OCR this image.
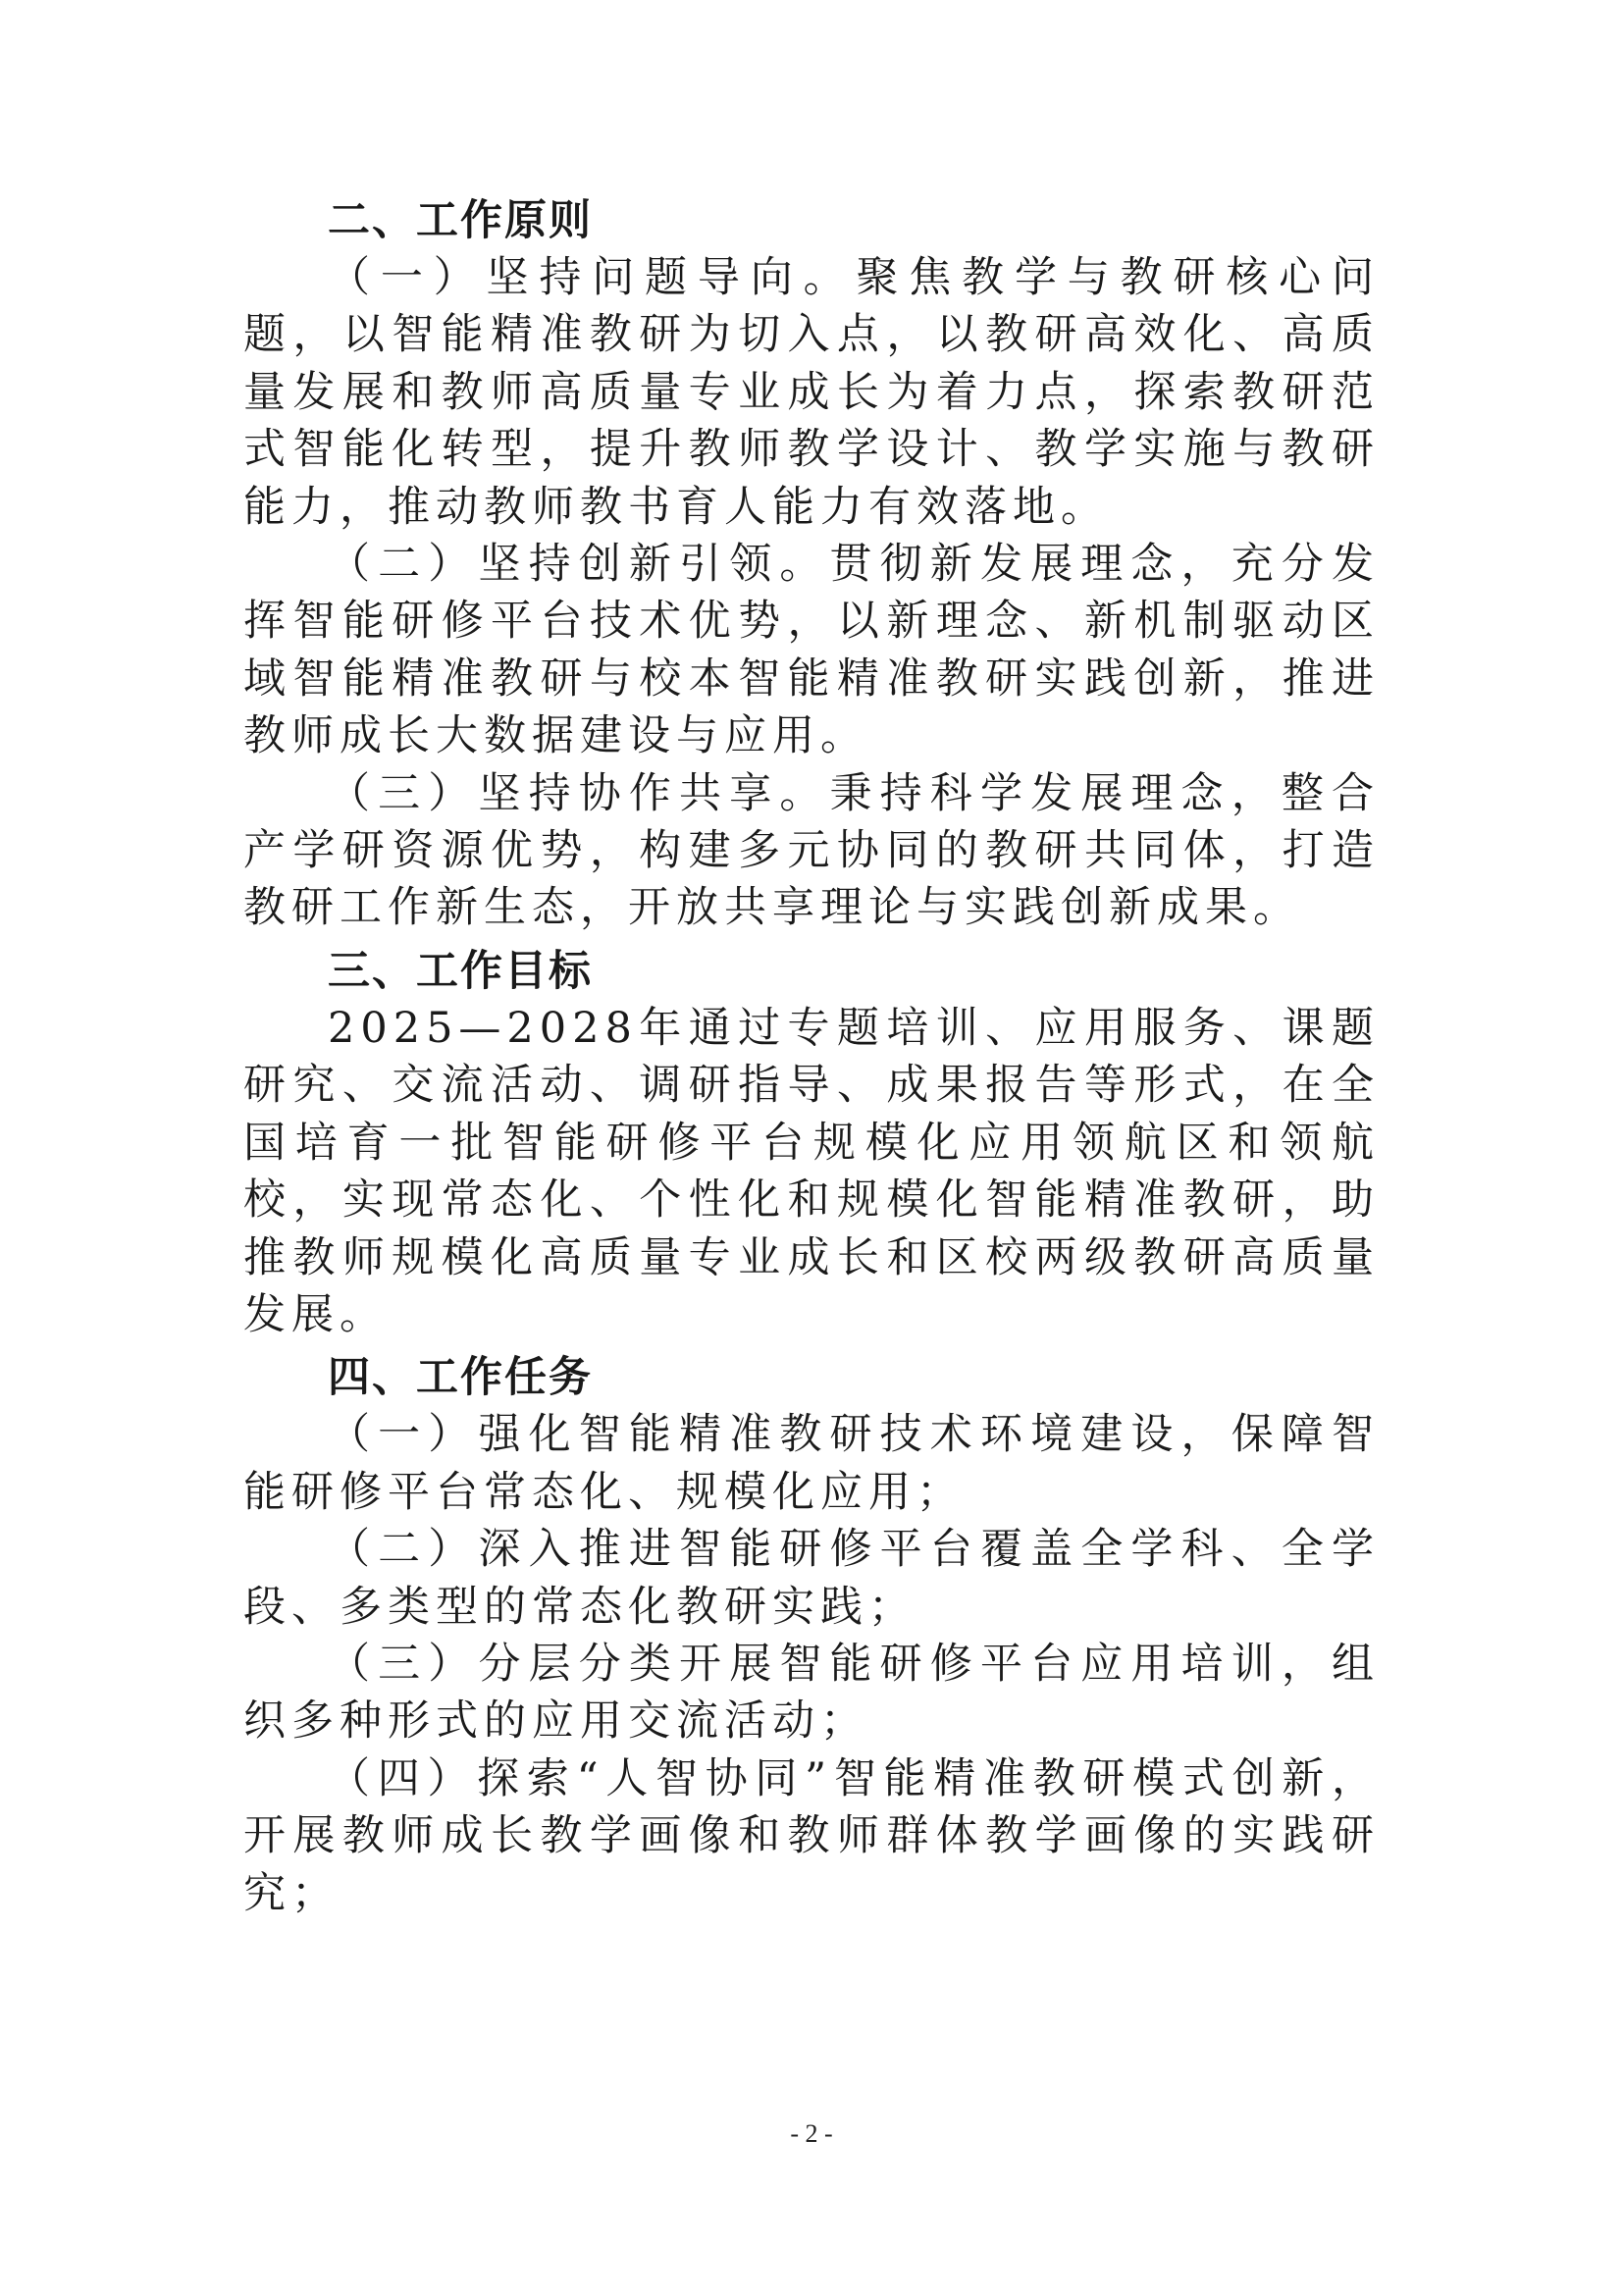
二、工作原则

（一）坚持问题导向。聚焦教学与教研核心问题，以智能精准教研为切入点，以教研高效化、高质量发展和教师高质量专业成长为着力点，探索教研范式智能化转型，提升教师教学设计、教学实施与教研能力，推动教师教书育人能力有效落地。

（二）坚持创新引领。贯彻新发展理念，充分发挥智能研修平台技术优势，以新理念、新机制驱动区域智能精准教研与校本智能精准教研实践创新，推进教师成长大数据建设与应用。

（三）坚持协作共享。秉持科学发展理念，整合产学研资源优势，构建多元协同的教研共同体，打造教研工作新生态，开放共享理论与实践创新成果。

三、工作目标

2025—2028年通过专题培训、应用服务、课题研究、交流活动、调研指导、成果报告等形式，在全国培育一批智能研修平台规模化应用领航区和领航校，实现常态化、个性化和规模化智能精准教研，助推教师规模化高质量专业成长和区校两级教研高质量发展。

四、工作任务

（一）强化智能精准教研技术环境建设，保障智能研修平台常态化、规模化应用；

（二）深入推进智能研修平台覆盖全学科、全学段、多类型的常态化教研实践；

（三）分层分类开展智能研修平台应用培训，组织多种形式的应用交流活动；

（四）探索“人智协同”智能精准教研模式创新，开展教师成长教学画像和教师群体教学画像的实践研究；

- 2 -
